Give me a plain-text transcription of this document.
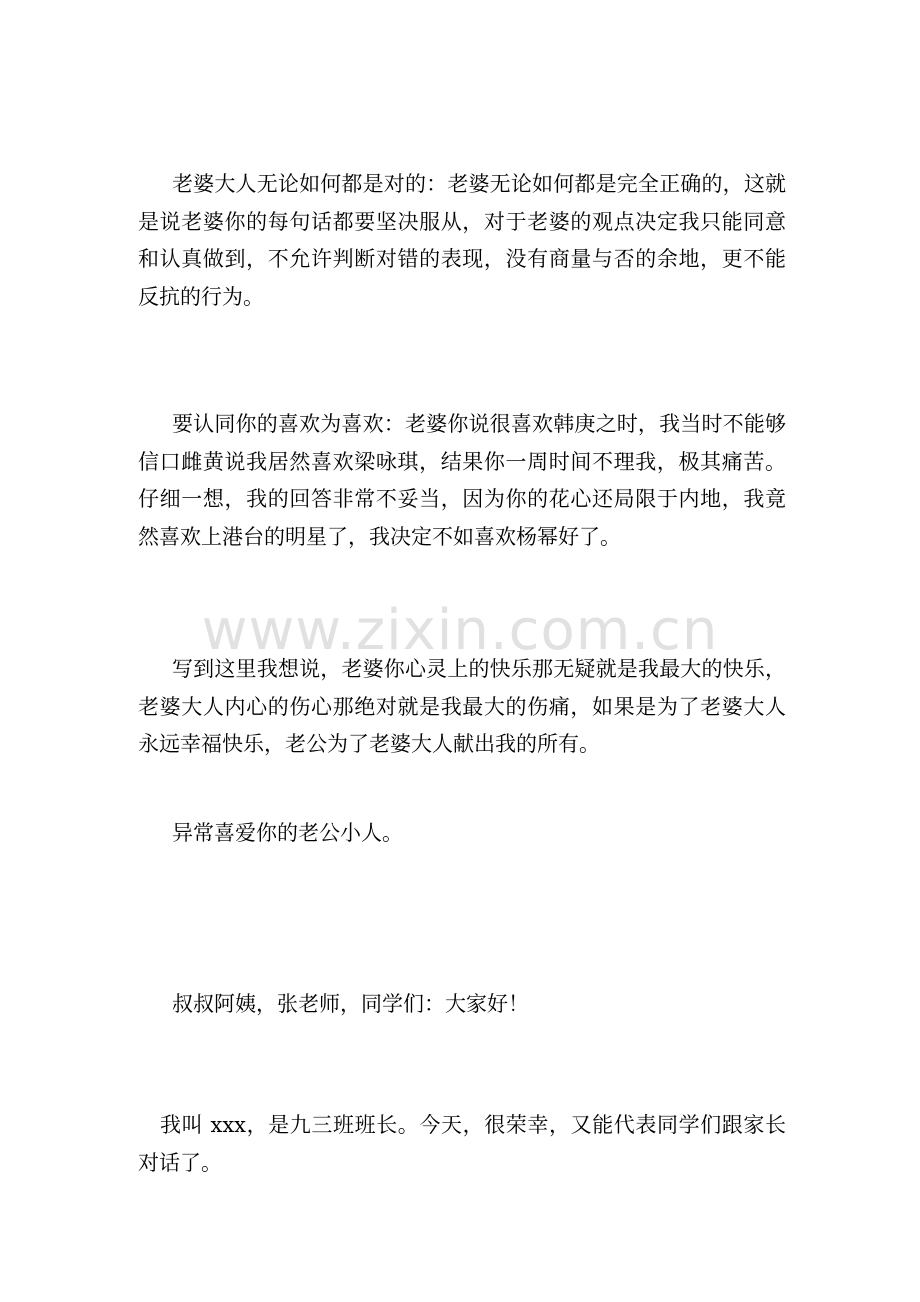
老婆大人无论如何都是对的：老婆无论如何都是完全正确的，这就是说老婆你的每句话都要坚决服从，对于老婆的观点决定我只能同意和认真做到，不允许判断对错的表现，没有商量与否的余地，更不能反抗的行为。

要认同你的喜欢为喜欢：老婆你说很喜欢韩庚之时，我当时不能够信口雌黄说我居然喜欢梁咏琪，结果你一周时间不理我，极其痛苦。仔细一想，我的回答非常不妥当，因为你的花心还局限于内地，我竟然喜欢上港台的明星了，我决定不如喜欢杨幂好了。

www.zixin.com.cn

写到这里我想说，老婆你心灵上的快乐那无疑就是我最大的快乐，老婆大人内心的伤心那绝对就是我最大的伤痛，如果是为了老婆大人永远幸福快乐，老公为了老婆大人献出我的所有。

异常喜爱你的老公小人。

叔叔阿姨，张老师，同学们：大家好！

我叫 xxx，是九三班班长。今天，很荣幸，又能代表同学们跟家长对话了。
